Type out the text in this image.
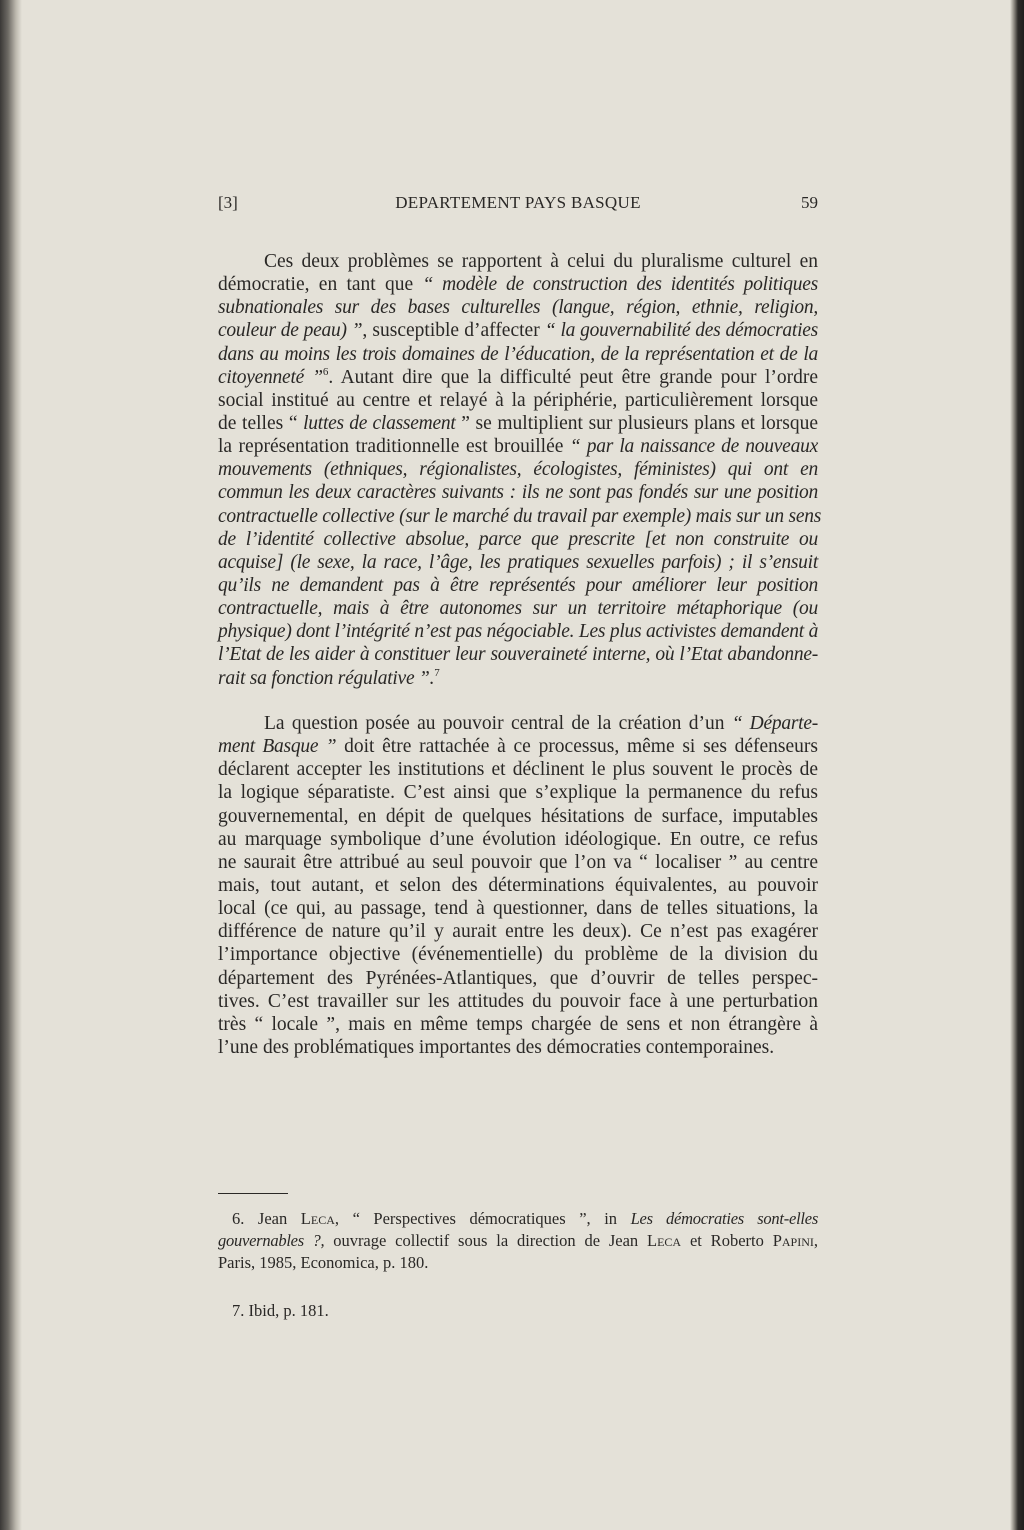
[3]	DEPARTEMENT PAYS BASQUE	59
Ces deux problèmes se rapportent à celui du pluralisme culturel en
démocratie, en tant que “ modèle de construction des identités politiques
subnationales sur des bases culturelles (langue, région, ethnie, religion,
couleur de peau) ”, susceptible d’affecter “ la gouvernabilité des démocraties
dans au moins les trois domaines de l’éducation, de la représentation et de la
citoyenneté ”$^6$. Autant dire que la difficulté peut être grande pour l’ordre
social institué au centre et relayé à la périphérie, particulièrement lorsque
de telles “ luttes de classement ” se multiplient sur plusieurs plans et lorsque
la représentation traditionnelle est brouillée “ par la naissance de nouveaux
mouvements (ethniques, régionalistes, écologistes, féministes) qui ont en
commun les deux caractères suivants : ils ne sont pas fondés sur une position
contractuelle collective (sur le marché du travail par exemple) mais sur un sens
de l’identité collective absolue, parce que prescrite [et non construite ou
acquise] (le sexe, la race, l’âge, les pratiques sexuelles parfois) ; il s’ensuit
qu’ils ne demandent pas à être représentés pour améliorer leur position
contractuelle, mais à être autonomes sur un territoire métaphorique (ou
physique) dont l’intégrité n’est pas négociable. Les plus activistes demandent à
l’Etat de les aider à constituer leur souveraineté interne, où l’Etat abandonne-
rait sa fonction régulative ”.$^7$
La question posée au pouvoir central de la création d’un “ Départe-
ment Basque ” doit être rattachée à ce processus, même si ses défenseurs
déclarent accepter les institutions et déclinent le plus souvent le procès de
la logique séparatiste. C’est ainsi que s’explique la permanence du refus
gouvernemental, en dépit de quelques hésitations de surface, imputables
au marquage symbolique d’une évolution idéologique. En outre, ce refus
ne saurait être attribué au seul pouvoir que l’on va “ localiser ” au centre
mais, tout autant, et selon des déterminations équivalentes, au pouvoir
local (ce qui, au passage, tend à questionner, dans de telles situations, la
différence de nature qu’il y aurait entre les deux). Ce n’est pas exagérer
l’importance objective (événementielle) du problème de la division du
département des Pyrénées-Atlantiques, que d’ouvrir de telles perspec-
tives. C’est travailler sur les attitudes du pouvoir face à une perturbation
très “ locale ”, mais en même temps chargée de sens et non étrangère à
l’une des problématiques importantes des démocraties contemporaines.
6. Jean Leca, “ Perspectives démocratiques ”, in Les démocraties sont-elles
gouvernables ?, ouvrage collectif sous la direction de Jean Leca et Roberto Papini,
Paris, 1985, Economica, p. 180.
7. Ibid, p. 181.
